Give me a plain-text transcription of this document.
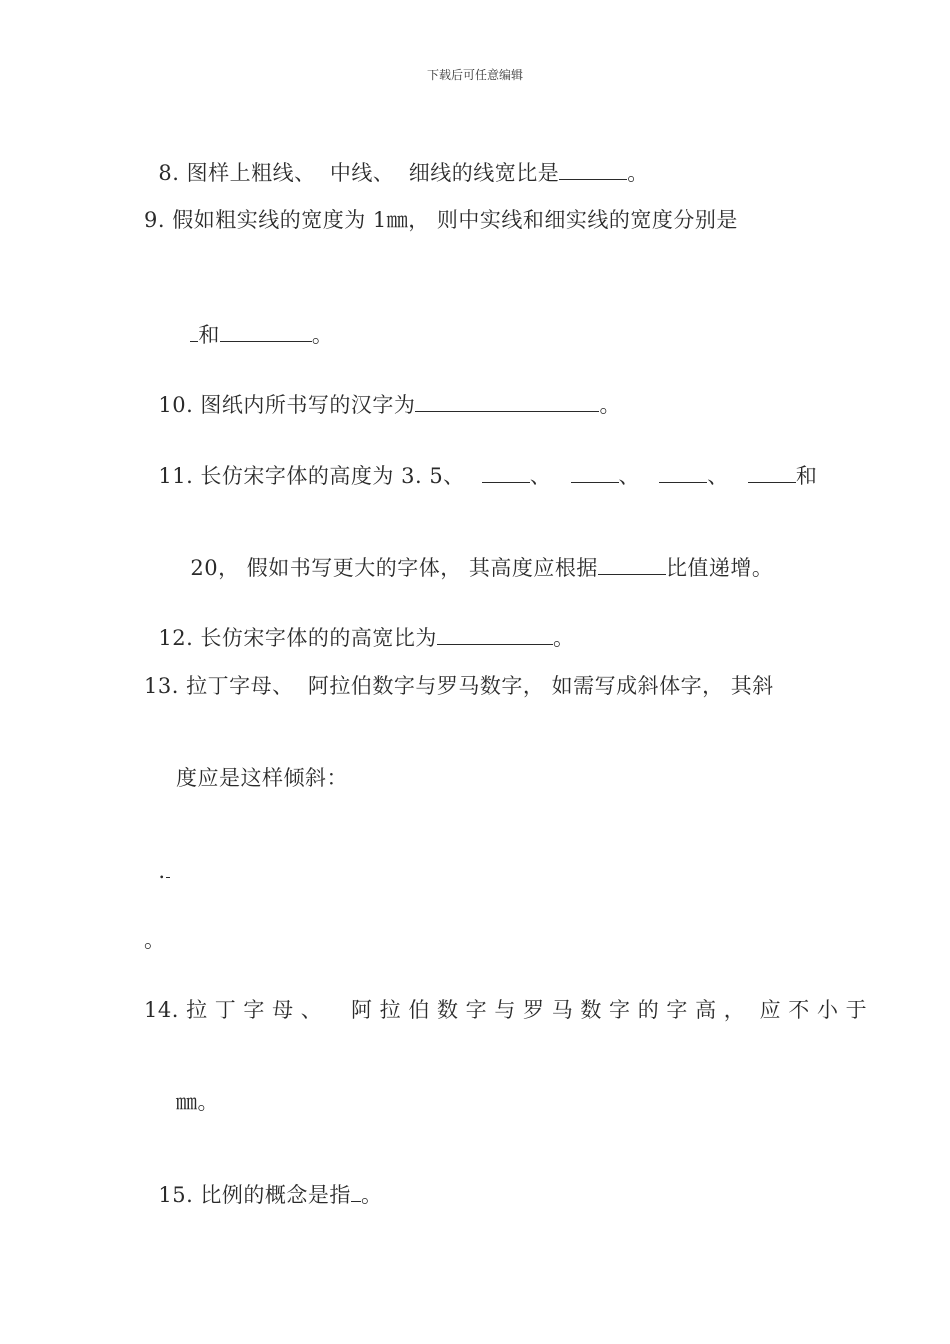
下载后可任意编辑

8. 图样上粗线、  中线、  细线的线宽比是	。

9. 假如粗实线的宽度为 1㎜， 则中实线和细实线的宽度分别是

和	。

10. 图纸内所书写的汉字为	。

11. 长仿宋字体的高度为 3. 5、	、	、	、	和

20， 假如书写更大的字体， 其高度应根据	比值递增。

12. 长仿宋字体的的高宽比为	。

13. 拉丁字母、  阿拉伯数字与罗马数字， 如需写成斜体字， 其斜
度应是这样倾斜：

.

。
14. 拉 丁 字 母 、    阿 拉 伯 数 字 与 罗 马 数 字 的 字 高 ，  应 不 小 于
㎜。

15. 比例的概念是指 。
